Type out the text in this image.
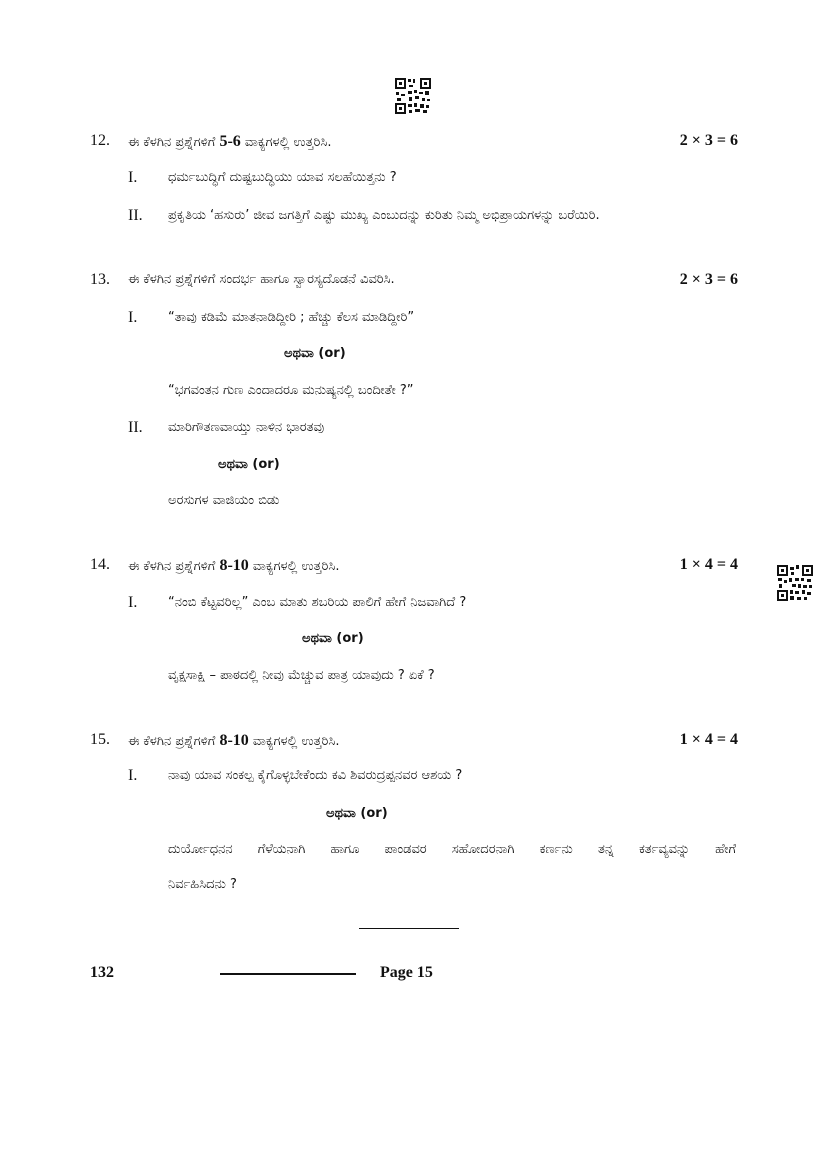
12. ಈ ಕೆಳಗಿನ ಪ್ರಶ್ನೆಗಳಿಗೆ 5-6 ವಾಕ್ಯಗಳಲ್ಲಿ ಉತ್ತರಿಸಿ.	2 × 3 = 6
I. ಧರ್ಮಬುದ್ಧಿಗೆ ದುಷ್ಟಬುದ್ಧಿಯು ಯಾವ ಸಲಹೆಯಿತ್ತನು ?
II. ಪ್ರಕೃತಿಯ ‘ಹಸುರು’ ಜೀವ ಜಗತ್ತಿಗೆ ಎಷ್ಟು ಮುಖ್ಯ ಎಂಬುದನ್ನು ಕುರಿತು ನಿಮ್ಮ ಅಭಿಪ್ರಾಯಗಳನ್ನು ಬರೆಯಿರಿ.
13. ಈ ಕೆಳಗಿನ ಪ್ರಶ್ನೆಗಳಿಗೆ ಸಂದರ್ಭ ಹಾಗೂ ಸ್ವಾರಸ್ಯದೊಡನೆ ವಿವರಿಸಿ.	2 × 3 = 6
I. “ತಾವು ಕಡಿಮೆ ಮಾತನಾಡಿದ್ದೀರಿ ; ಹೆಚ್ಚು ಕೆಲಸ ಮಾಡಿದ್ದೀರಿ”
ಅಥವಾ (or)
“ಭಗವಂತನ ಗುಣ ಎಂದಾದರೂ ಮನುಷ್ಯನಲ್ಲಿ ಬಂದೀತೇ ?”
II. ಮಾರಿಗೌತಣವಾಯ್ತು ನಾಳಿನ ಭಾರತವು
ಅಥವಾ (or)
ಅರಸುಗಳ ವಾಜಿಯಂ ಬಿಡು
14. ಈ ಕೆಳಗಿನ ಪ್ರಶ್ನೆಗಳಿಗೆ 8-10 ವಾಕ್ಯಗಳಲ್ಲಿ ಉತ್ತರಿಸಿ.	1 × 4 = 4
I. “ನಂಬಿ ಕೆಟ್ಟವರಿಲ್ಲ” ಎಂಬ ಮಾತು ಶಬರಿಯ ಪಾಲಿಗೆ ಹೇಗೆ ನಿಜವಾಗಿದೆ ?
ಅಥವಾ (or)
ವೃಕ್ಷಸಾಕ್ಷಿ – ಪಾಠದಲ್ಲಿ ನೀವು ಮೆಚ್ಚುವ ಪಾತ್ರ ಯಾವುದು ? ಏಕೆ ?
15. ಈ ಕೆಳಗಿನ ಪ್ರಶ್ನೆಗಳಿಗೆ 8-10 ವಾಕ್ಯಗಳಲ್ಲಿ ಉತ್ತರಿಸಿ.	1 × 4 = 4
I. ನಾವು ಯಾವ ಸಂಕಲ್ಪ ಕೈಗೊಳ್ಳಬೇಕೆಂದು ಕವಿ ಶಿವರುದ್ರಪ್ಪನವರ ಆಶಯ ?
ಅಥವಾ (or)
ದುರ್ಯೋಧನನ ಗೆಳೆಯನಾಗಿ ಹಾಗೂ ಪಾಂಡವರ ಸಹೋದರನಾಗಿ ಕರ್ಣನು ತನ್ನ ಕರ್ತವ್ಯವನ್ನು ಹೇಗೆ
ನಿರ್ವಹಿಸಿದನು ?
132	Page 15
